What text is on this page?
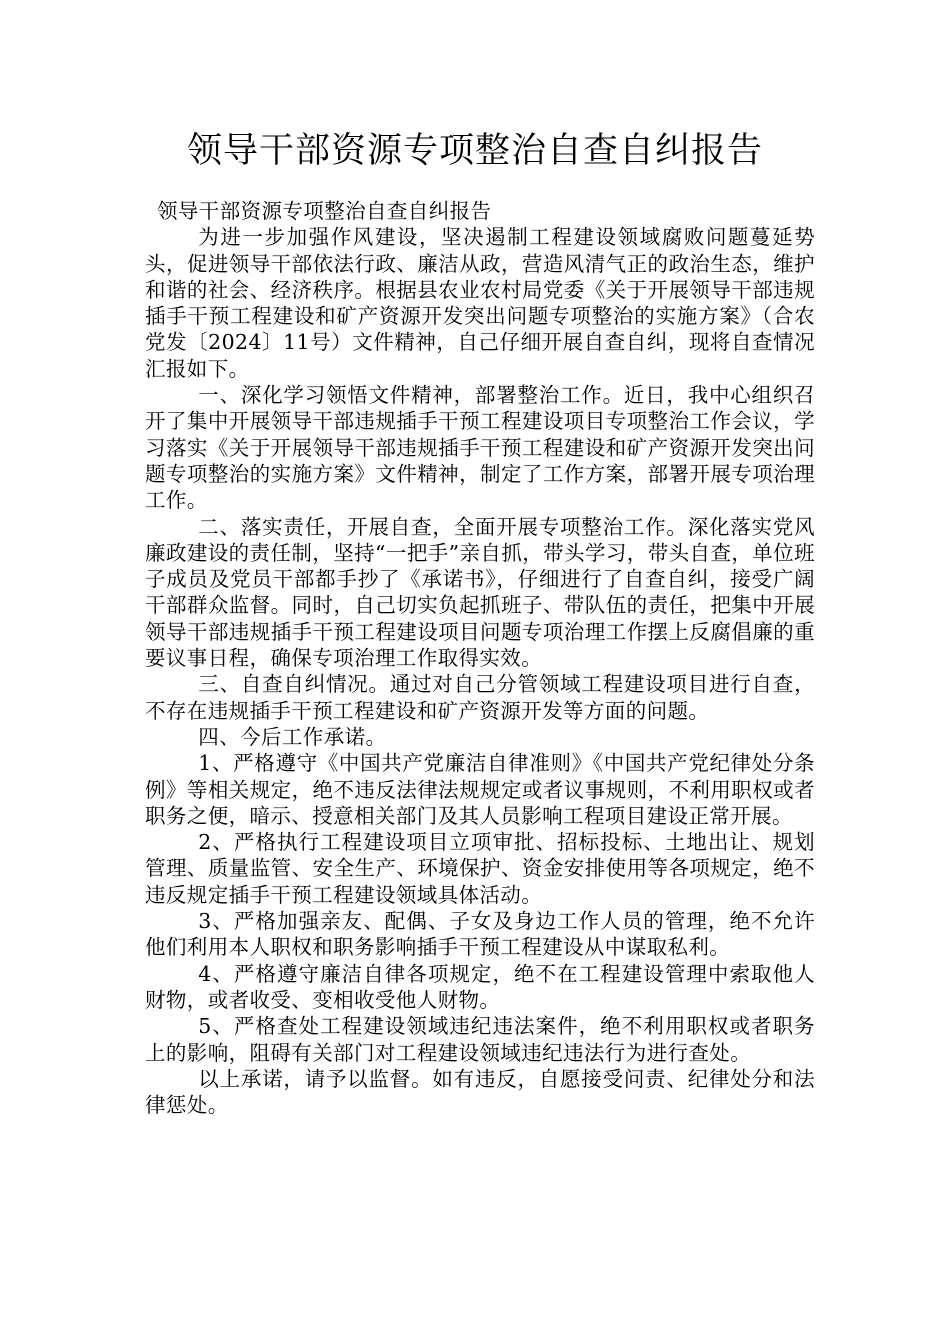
领导干部资源专项整治自查自纠报告

领导干部资源专项整治自查自纠报告

为进一步加强作风建设，坚决遏制工程建设领域腐败问题蔓延势头，促进领导干部依法行政、廉洁从政，营造风清气正的政治生态，维护和谐的社会、经济秩序。根据县农业农村局党委《关于开展领导干部违规插手干预工程建设和矿产资源开发突出问题专项整治的实施方案》（合农党发〔2024〕11号）文件精神，自己仔细开展自查自纠，现将自查情况汇报如下。

一、深化学习领悟文件精神，部署整治工作。近日，我中心组织召开了集中开展领导干部违规插手干预工程建设项目专项整治工作会议，学习落实《关于开展领导干部违规插手干预工程建设和矿产资源开发突出问题专项整治的实施方案》文件精神，制定了工作方案，部署开展专项治理工作。

二、落实责任，开展自查，全面开展专项整治工作。深化落实党风廉政建设的责任制，坚持“一把手”亲自抓，带头学习，带头自查，单位班子成员及党员干部都手抄了《承诺书》，仔细进行了自查自纠，接受广阔干部群众监督。同时，自己切实负起抓班子、带队伍的责任，把集中开展领导干部违规插手干预工程建设项目问题专项治理工作摆上反腐倡廉的重要议事日程，确保专项治理工作取得实效。

三、自查自纠情况。通过对自己分管领域工程建设项目进行自查，不存在违规插手干预工程建设和矿产资源开发等方面的问题。

四、今后工作承诺。

1、严格遵守《中国共产党廉洁自律准则》《中国共产党纪律处分条例》等相关规定，绝不违反法律法规规定或者议事规则，不利用职权或者职务之便，暗示、授意相关部门及其人员影响工程项目建设正常开展。

2、严格执行工程建设项目立项审批、招标投标、土地出让、规划管理、质量监管、安全生产、环境保护、资金安排使用等各项规定，绝不违反规定插手干预工程建设领域具体活动。

3、严格加强亲友、配偶、子女及身边工作人员的管理，绝不允许他们利用本人职权和职务影响插手干预工程建设从中谋取私利。

4、严格遵守廉洁自律各项规定，绝不在工程建设管理中索取他人财物，或者收受、变相收受他人财物。

5、严格查处工程建设领域违纪违法案件，绝不利用职权或者职务上的影响，阻碍有关部门对工程建设领域违纪违法行为进行查处。

以上承诺，请予以监督。如有违反，自愿接受问责、纪律处分和法律惩处。
